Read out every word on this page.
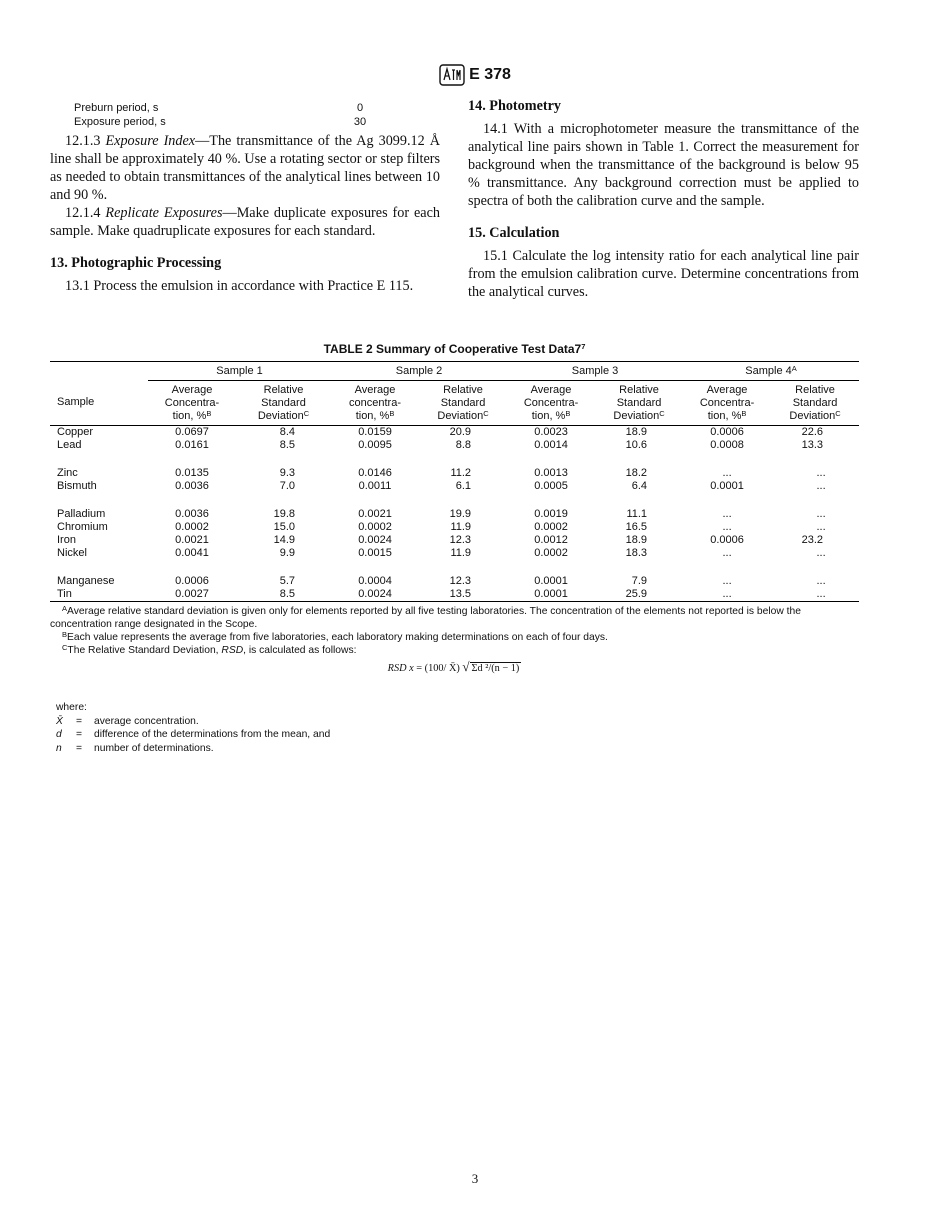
E 378
Preburn period, s	0
Exposure period, s	30

12.1.3 Exposure Index—The transmittance of the Ag 3099.12 Å line shall be approximately 40 %. Use a rotating sector or step filters as needed to obtain transmittances of the analytical lines between 10 and 90 %.

12.1.4 Replicate Exposures—Make duplicate exposures for each sample. Make quadruplicate exposures for each standard.

13. Photographic Processing

13.1 Process the emulsion in accordance with Practice E 115.

14. Photometry

14.1 With a microphotometer measure the transmittance of the analytical line pairs shown in Table 1. Correct the measurement for background when the transmittance of the background is below 95 % transmittance. Any background correction must be applied to spectra of both the calibration curve and the sample.

15. Calculation

15.1 Calculate the log intensity ratio for each analytical line pair from the emulsion calibration curve. Determine concentrations from the analytical curves.

TABLE 2 Summary of Cooperative Test $Data7^7$
	Sample 1		Sample 2		Sample 3		Sample $4^A$
Sample	Average
Concentra-
tion, %$^B$	Relative
Standard
Deviation$^C$	Average
concentra-
tion, %$^B$	Relative
Standard
Deviation$^C$	Average
Concentra-
tion, %$^B$	Relative
Standard
Deviation$^C$	Average
Concentra-
tion, %$^B$	Relative
Standard
Deviation$^C$
Copper	0.0697	8.4	0.0159	20.9	0.0023	18.9	0.0006	22.6
Lead	0.0161	8.5	0.0095	8.8	0.0014	10.6	0.0008	13.3
Zinc	0.0135	9.3	0.0146	11.2	0.0013	18.2	...	...
Bismuth	0.0036	7.0	0.0011	6.1	0.0005	6.4	0.0001	...
Palladium	0.0036	19.8	0.0021	19.9	0.0019	11.1	...	...
Chromium	0.0002	15.0	0.0002	11.9	0.0002	16.5	...	...
Iron	0.0021	14.9	0.0024	12.3	0.0012	18.9	0.0006	23.2
Nickel	0.0041	9.9	0.0015	11.9	0.0002	18.3	...	...
Manganese	0.0006	5.7	0.0004	12.3	0.0001	7.9	...	...
Tin	0.0027	8.5	0.0024	13.5	0.0001	25.9	...	...
$^A$Average relative standard deviation is given only for elements reported by all five testing laboratories. The concentration of the elements not reported is below the concentration range designated in the Scope.
$^B$Each value represents the average from five laboratories, each laboratory making determinations on each of four days.
$^C$The Relative Standard Deviation, RSD, is calculated as follows:
RSD x = (100/ X̄) √ Σd ²/(n − 1)
where:
X̄	=	average concentration.
d	=	difference of the determinations from the mean, and
n	=	number of determinations.
3
